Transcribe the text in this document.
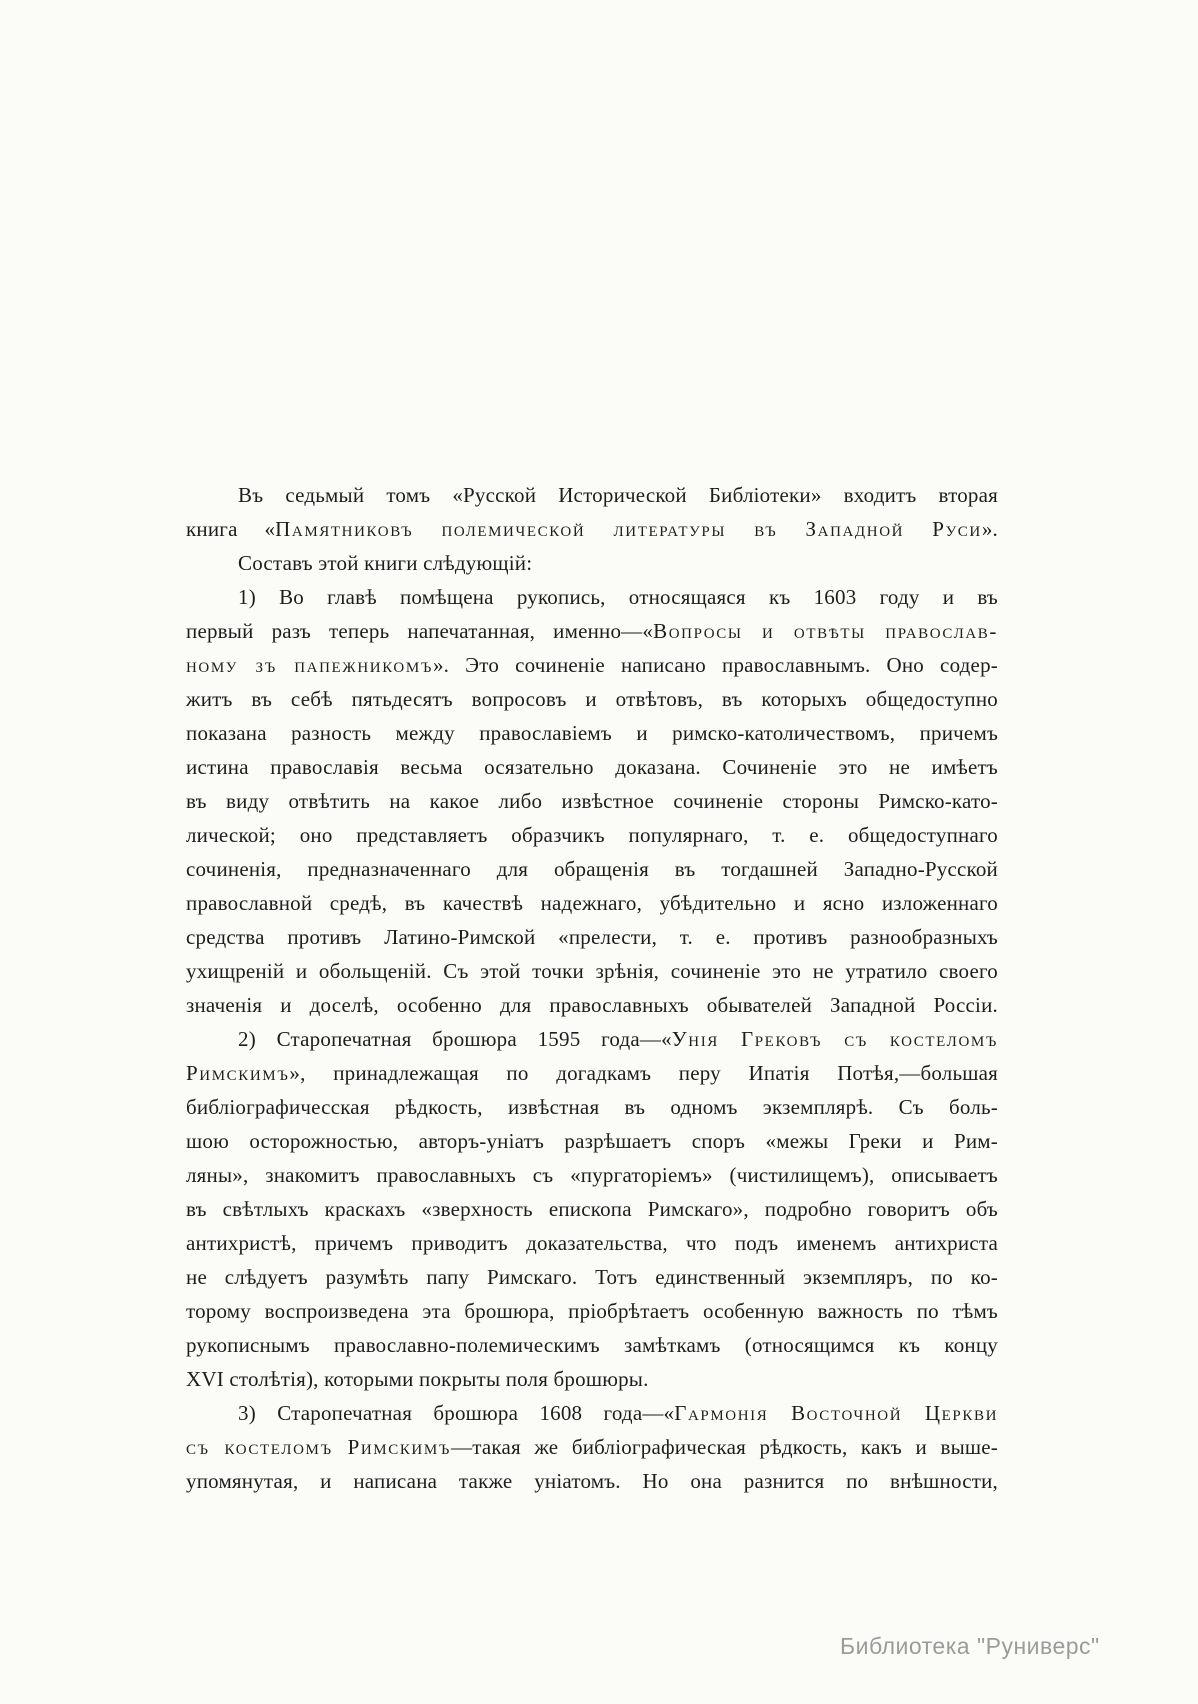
Въ седьмый томъ «Русской Исторической Библіотеки» входитъ вторая
книга «Памятниковъ полемической литературы въ Западной Руси».
Составъ этой книги слѣдующій:
1) Во главѣ помѣщена рукопись, относящаяся къ 1603 году и въ
первый разъ теперь напечатанная, именно—«Вопросы и отвѣты православ-
ному зъ папежникомъ». Это сочиненіе написано православнымъ. Оно содер-
житъ въ себѣ пятьдесятъ вопросовъ и отвѣтовъ, въ которыхъ общедоступно
показана разность между православіемъ и римско-католичествомъ, причемъ
истина православія весьма осязательно доказана. Сочиненіе это не имѣетъ
въ виду отвѣтить на какое либо извѣстное сочиненіе стороны Римско-като-
лической; оно представляетъ образчикъ популярнаго, т. е. общедоступнаго
сочиненія, предназначеннаго для обращенія въ тогдашней Западно-Русской
православной средѣ, въ качествѣ надежнаго, убѣдительно и ясно изложеннаго
средства противъ Латино-Римской «прелести, т. е. противъ разнообразныхъ
ухищреній и обольщеній. Съ этой точки зрѣнія, сочиненіе это не утратило своего
значенія и доселѣ, особенно для православныхъ обывателей Западной Россіи.
2) Старопечатная брошюра 1595 года—«Унія Грековъ съ костеломъ
Римскимъ», принадлежащая по догадкамъ перу Ипатія Потѣя,—большая
библіографичесская рѣдкость, извѣстная въ одномъ экземплярѣ. Съ боль-
шою осторожностью, авторъ-уніатъ разрѣшаетъ споръ «межы Греки и Рим-
ляны», знакомитъ православныхъ съ «пургаторіемъ» (чистилищемъ), описываетъ
въ свѣтлыхъ краскахъ «зверхность епископа Римскаго», подробно говоритъ объ
антихристѣ, причемъ приводитъ доказательства, что подъ именемъ антихриста
не слѣдуетъ разумѣть папу Римскаго. Тотъ единственный экземпляръ, по ко-
торому воспроизведена эта брошюра, пріобрѣтаетъ особенную важность по тѣмъ
рукописнымъ православно-полемическимъ замѣткамъ (относящимся къ концу
XVI столѣтія), которыми покрыты поля брошюры.
3) Старопечатная брошюра 1608 года—«Гармонія Восточной Церкви
съ костеломъ Римскимъ—такая же библіографическая рѣдкость, какъ и выше-
упомянутая, и написана также уніатомъ. Но она разнится по внѣшности,
Библиотека "Руниверс"
